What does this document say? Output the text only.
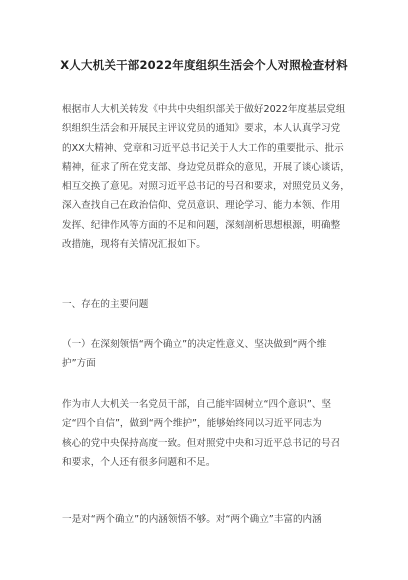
X人大机关干部2022年度组织生活会个人对照检查材料
根据市人大机关转发《中共中央组织部关于做好2022年度基层党组
织组织生活会和开展民主评议党员的通知》要求，本人认真学习党
的XX大精神、党章和习近平总书记关于人大工作的重要批示、批示
精神，征求了所在党支部、身边党员群众的意见，开展了谈心谈话，
相互交换了意见。对照习近平总书记的号召和要求，对照党员义务，
深入查找自己在政治信仰、党员意识、理论学习、能力本领、作用
发挥、纪律作风等方面的不足和问题，深刻剖析思想根源，明确整
改措施，现将有关情况汇报如下。
一、存在的主要问题
（一）在深刻领悟“两个确立”的决定性意义、坚决做到“两个维
护”方面
作为市人大机关一名党员干部，自己能牢固树立“四个意识”、坚
定“四个自信”，做到“两个维护”，能够始终同以习近平同志为
核心的党中央保持高度一致。但对照党中央和习近平总书记的号召
和要求，个人还有很多问题和不足。
一是对“两个确立”的内涵领悟不够。对“两个确立”丰富的内涵
